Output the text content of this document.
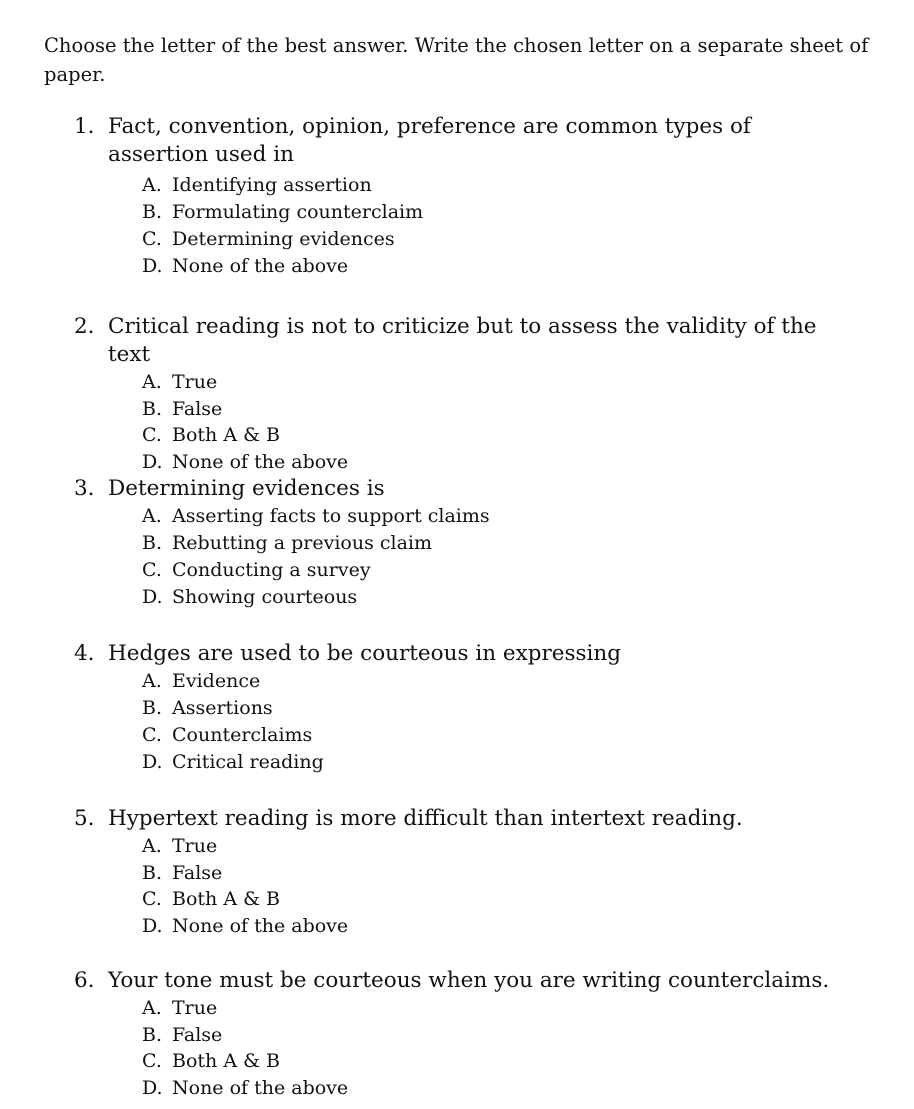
Choose the letter of the best answer. Write the chosen letter on a separate sheet of paper.

1. Fact, convention, opinion, preference are common types of assertion used in

A. Identifying assertion
B. Formulating counterclaim
C. Determining evidences
D. None of the above

2. Critical reading is not to criticize but to assess the validity of the text

A. True
B. False
C. Both A & B
D. None of the above

3. Determining evidences is

A. Asserting facts to support claims
B. Rebutting a previous claim
C. Conducting a survey
D. Showing courteous

4. Hedges are used to be courteous in expressing

A. Evidence
B. Assertions
C. Counterclaims
D. Critical reading

5. Hypertext reading is more difficult than intertext reading.

A. True
B. False
C. Both A & B
D. None of the above

6. Your tone must be courteous when you are writing counterclaims.

A. True
B. False
C. Both A & B
D. None of the above
